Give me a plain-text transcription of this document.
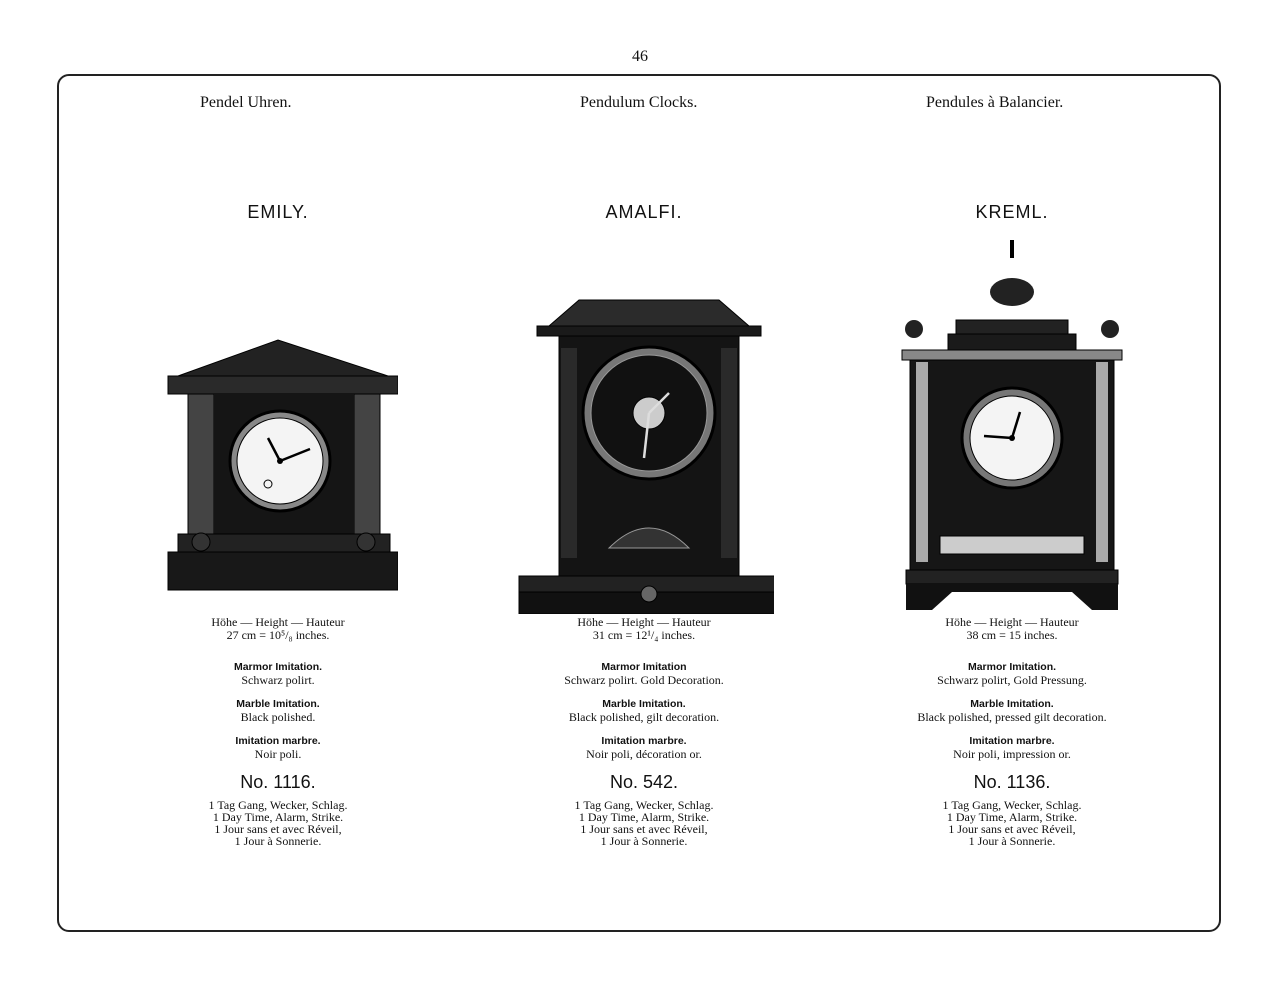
46
Pendel Uhren.	Pendulum Clocks.	Pendules à Balancier.
EMILY.
Höhe — Height — Hauteur
27 cm = 10⁵/₈ inches.
Marmor Imitation.
Schwarz polirt.
Marble Imitation.
Black polished.
Imitation marbre.
Noir poli.
No. 1116.
1 Tag Gang, Wecker, Schlag.
1 Day Time, Alarm, Strike.
1 Jour sans et avec Réveil,
1 Jour à Sonnerie.
AMALFI.
Höhe — Height — Hauteur
31 cm = 12¹/₄ inches.
Marmor Imitation
Schwarz polirt. Gold Decoration.
Marble Imitation.
Black polished, gilt decoration.
Imitation marbre.
Noir poli, décoration or.
No. 542.
1 Tag Gang, Wecker, Schlag.
1 Day Time, Alarm, Strike.
1 Jour sans et avec Réveil,
1 Jour à Sonnerie.
KREML.
Höhe — Height — Hauteur
38 cm = 15 inches.
Marmor Imitation.
Schwarz polirt, Gold Pressung.
Marble Imitation.
Black polished, pressed gilt decoration.
Imitation marbre.
Noir poli, impression or.
No. 1136.
1 Tag Gang, Wecker, Schlag.
1 Day Time, Alarm, Strike.
1 Jour sans et avec Réveil,
1 Jour à Sonnerie.
